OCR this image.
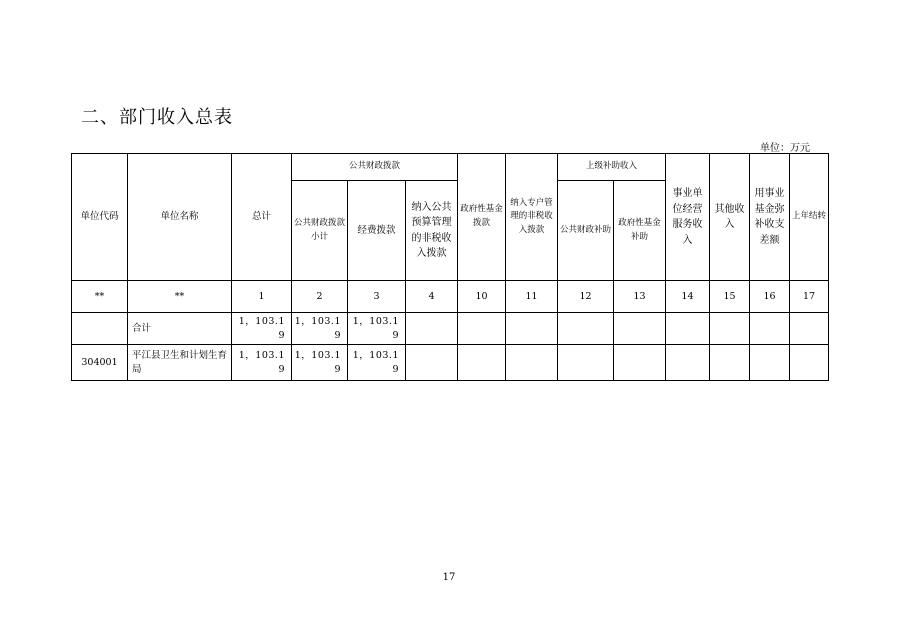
二、部门收入总表
单位：万元
单位代码	单位名称	总计	公共财政拨款			政府性基金拨款	纳入专户管理的非税收入拨款	上级补助收入		事业单位经营服务收入	其他收入	用事业基金弥补收支差额	上年结转
			公共财政拨款小计	经费拨款	纳入公共预算管理的非税收入拨款			公共财政补助	政府性基金补助				
**	**	1	2	3	4	10	11	12	13	14	15	16	17
	合计	1，103.19	1，103.19	1，103.19									
304001	平江县卫生和计划生育局	1，103.19	1，103.19	1，103.19									
17
